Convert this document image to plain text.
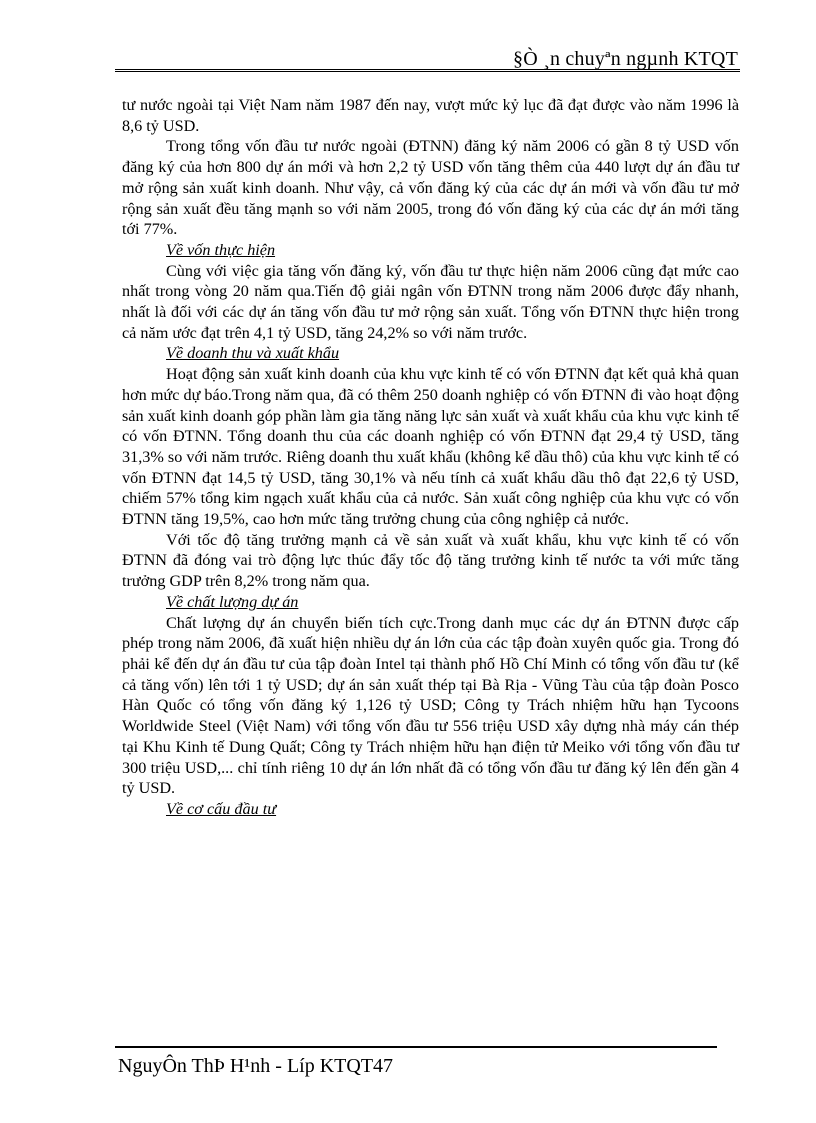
§Ò ¸n chuyªn ngµnh KTQT

tư nước ngoài tại Việt Nam năm 1987 đến nay, vượt mức kỷ lục đã đạt được vào năm 1996 là 8,6 tỷ USD.

Trong tổng vốn đầu tư nước ngoài (ĐTNN) đăng ký năm 2006 có gần 8 tỷ USD vốn đăng ký của hơn 800 dự án mới và hơn 2,2 tỷ USD vốn tăng thêm của 440 lượt dự án đầu tư mở rộng sản xuất kinh doanh. Như vậy, cả vốn đăng ký của các dự án mới và vốn đầu tư mở rộng sản xuất đều tăng mạnh so với năm 2005, trong đó vốn đăng ký của các dự án mới tăng tới 77%.

Về vốn thực hiện

Cùng với việc gia tăng vốn đăng ký, vốn đầu tư thực hiện năm 2006 cũng đạt mức cao nhất trong vòng 20 năm qua.Tiến độ giải ngân vốn ĐTNN trong năm 2006 được đẩy nhanh, nhất là đối với các dự án tăng vốn đầu tư mở rộng sản xuất. Tổng vốn ĐTNN thực hiện trong cả năm ước đạt trên 4,1 tỷ USD, tăng 24,2% so với năm trước.

Về doanh thu và xuất khẩu

Hoạt động sản xuất kinh doanh của khu vực kinh tế có vốn ĐTNN đạt kết quả khả quan hơn mức dự báo.Trong năm qua, đã có thêm 250 doanh nghiệp có vốn ĐTNN đi vào hoạt động sản xuất kinh doanh góp phần làm gia tăng năng lực sản xuất và xuất khẩu của khu vực kinh tế có vốn ĐTNN. Tổng doanh thu của các doanh nghiệp có vốn ĐTNN đạt 29,4 tỷ USD, tăng 31,3% so với năm trước. Riêng doanh thu xuất khẩu (không kể dầu thô) của khu vực kinh tế có vốn ĐTNN đạt 14,5 tỷ USD, tăng 30,1% và nếu tính cả xuất khẩu dầu thô đạt 22,6 tỷ USD, chiếm 57% tổng kim ngạch xuất khẩu của cả nước. Sản xuất công nghiệp của khu vực có vốn ĐTNN tăng 19,5%, cao hơn mức tăng trưởng chung của công nghiệp cả nước.

Với tốc độ tăng trưởng mạnh cả về sản xuất và xuất khẩu, khu vực kinh tế có vốn ĐTNN đã đóng vai trò động lực thúc đẩy tốc độ tăng trưởng kinh tế nước ta với mức tăng trưởng GDP trên 8,2% trong năm qua.

Về chất lượng dự án

Chất lượng dự án chuyển biến tích cực.Trong danh mục các dự án ĐTNN được cấp phép trong năm 2006, đã xuất hiện nhiều dự án lớn của các tập đoàn xuyên quốc gia. Trong đó phải kể đến dự án đầu tư của tập đoàn Intel tại thành phố Hồ Chí Minh có tổng vốn đầu tư (kể cả tăng vốn) lên tới 1 tỷ USD; dự án sản xuất thép tại Bà Rịa - Vũng Tàu của tập đoàn Posco Hàn Quốc có tổng vốn đăng ký 1,126 tỷ USD; Công ty Trách nhiệm hữu hạn Tycoons Worldwide Steel (Việt Nam) với tổng vốn đầu tư 556 triệu USD xây dựng nhà máy cán thép tại Khu Kinh tế Dung Quất; Công ty Trách nhiệm hữu hạn điện tử Meiko với tổng vốn đầu tư 300 triệu USD,... chỉ tính riêng 10 dự án lớn nhất đã có tổng vốn đầu tư đăng ký lên đến gần 4 tỷ USD.

Về cơ cấu đầu tư

NguyÔn ThÞ H¹nh - Líp KTQT47
